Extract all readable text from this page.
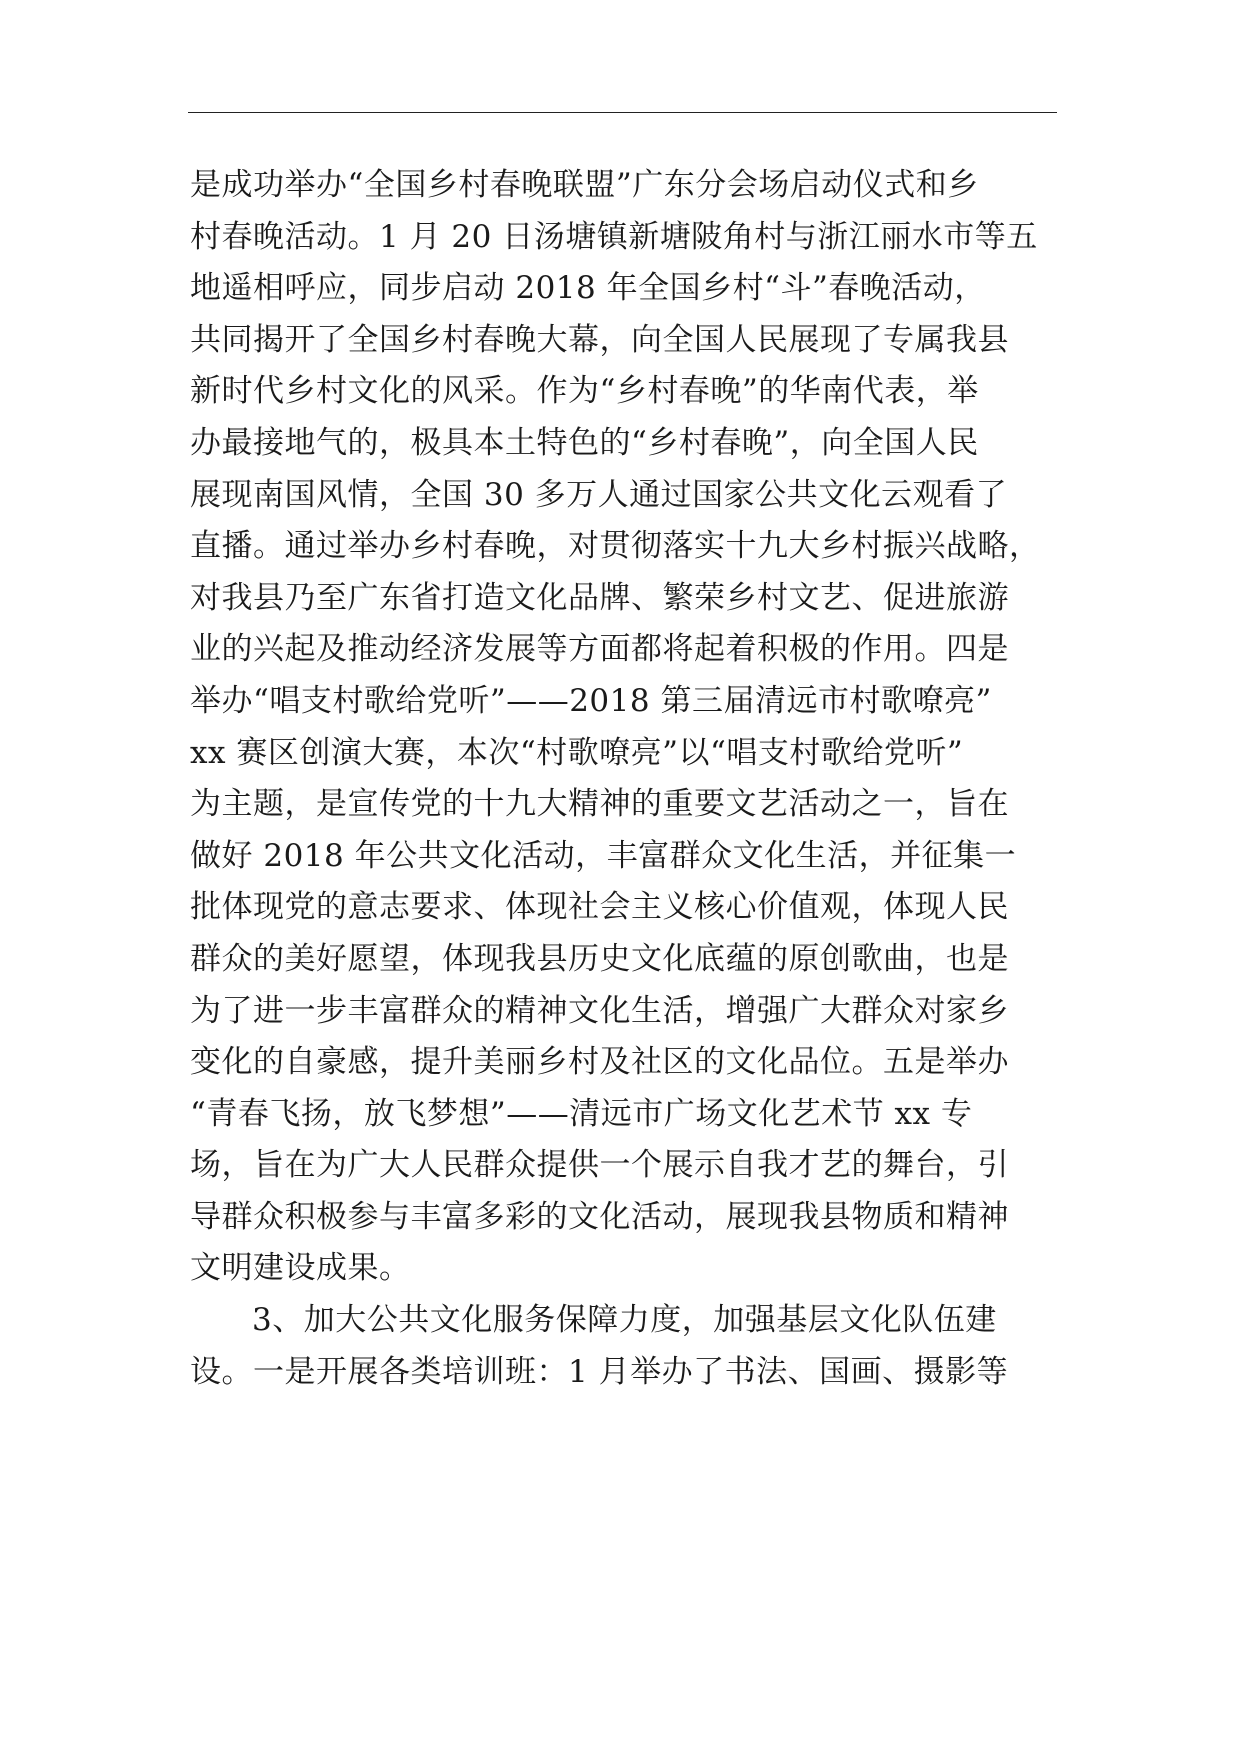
是成功举办“全国乡村春晚联盟”广东分会场启动仪式和乡
村春晚活动。1 月 20 日汤塘镇新塘陂角村与浙江丽水市等五
地遥相呼应，同步启动 2018 年全国乡村“斗”春晚活动，
共同揭开了全国乡村春晚大幕，向全国人民展现了专属我县
新时代乡村文化的风采。作为“乡村春晚”的华南代表，举
办最接地气的，极具本土特色的“乡村春晚”，向全国人民
展现南国风情，全国 30 多万人通过国家公共文化云观看了
直播。通过举办乡村春晚，对贯彻落实十九大乡村振兴战略，
对我县乃至广东省打造文化品牌、繁荣乡村文艺、促进旅游
业的兴起及推动经济发展等方面都将起着积极的作用。四是
举办“唱支村歌给党听”——2018 第三届清远市村歌嘹亮”
xx 赛区创演大赛，本次“村歌嘹亮”以“唱支村歌给党听”
为主题，是宣传党的十九大精神的重要文艺活动之一，旨在
做好 2018 年公共文化活动，丰富群众文化生活，并征集一
批体现党的意志要求、体现社会主义核心价值观，体现人民
群众的美好愿望，体现我县历史文化底蕴的原创歌曲，也是
为了进一步丰富群众的精神文化生活，增强广大群众对家乡
变化的自豪感，提升美丽乡村及社区的文化品位。五是举办
“青春飞扬，放飞梦想”——清远市广场文化艺术节 xx 专
场，旨在为广大人民群众提供一个展示自我才艺的舞台，引
导群众积极参与丰富多彩的文化活动，展现我县物质和精神
文明建设成果。
3、加大公共文化服务保障力度，加强基层文化队伍建
设。一是开展各类培训班：1 月举办了书法、国画、摄影等
